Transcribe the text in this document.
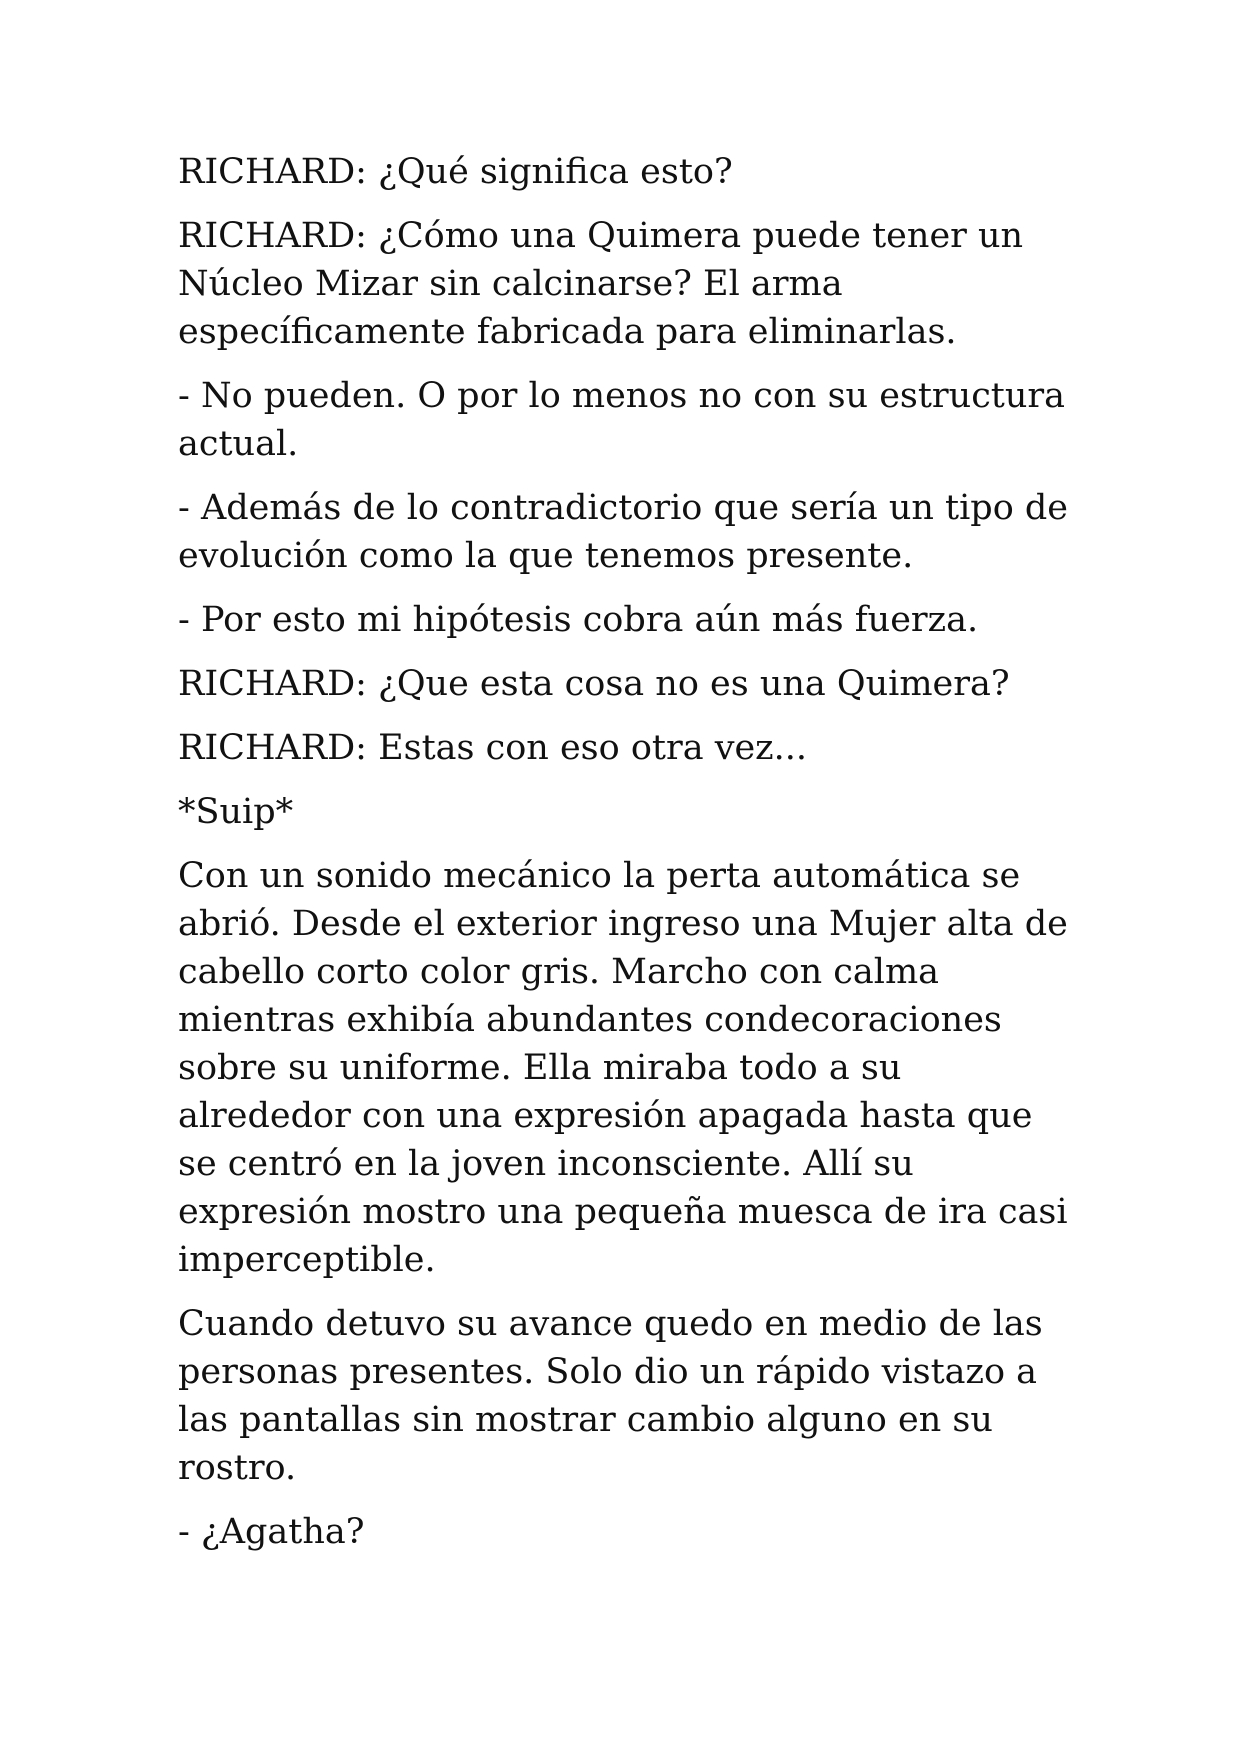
RICHARD: ¿Qué significa esto?

RICHARD: ¿Cómo una Quimera puede tener un Núcleo Mizar sin calcinarse? El arma específicamente fabricada para eliminarlas.

- No pueden. O por lo menos no con su estructura actual.

- Además de lo contradictorio que sería un tipo de evolución como la que tenemos presente.

- Por esto mi hipótesis cobra aún más fuerza.

RICHARD: ¿Que esta cosa no es una Quimera?

RICHARD: Estas con eso otra vez...

*Suip*

Con un sonido mecánico la perta automática se abrió. Desde el exterior ingreso una Mujer alta de cabello corto color gris. Marcho con calma mientras exhibía abundantes condecoraciones sobre su uniforme. Ella miraba todo a su alrededor con una expresión apagada hasta que se centró en la joven inconsciente. Allí su expresión mostro una pequeña muesca de ira casi imperceptible.

Cuando detuvo su avance quedo en medio de las personas presentes. Solo dio un rápido vistazo a las pantallas sin mostrar cambio alguno en su rostro.

- ¿Agatha?
